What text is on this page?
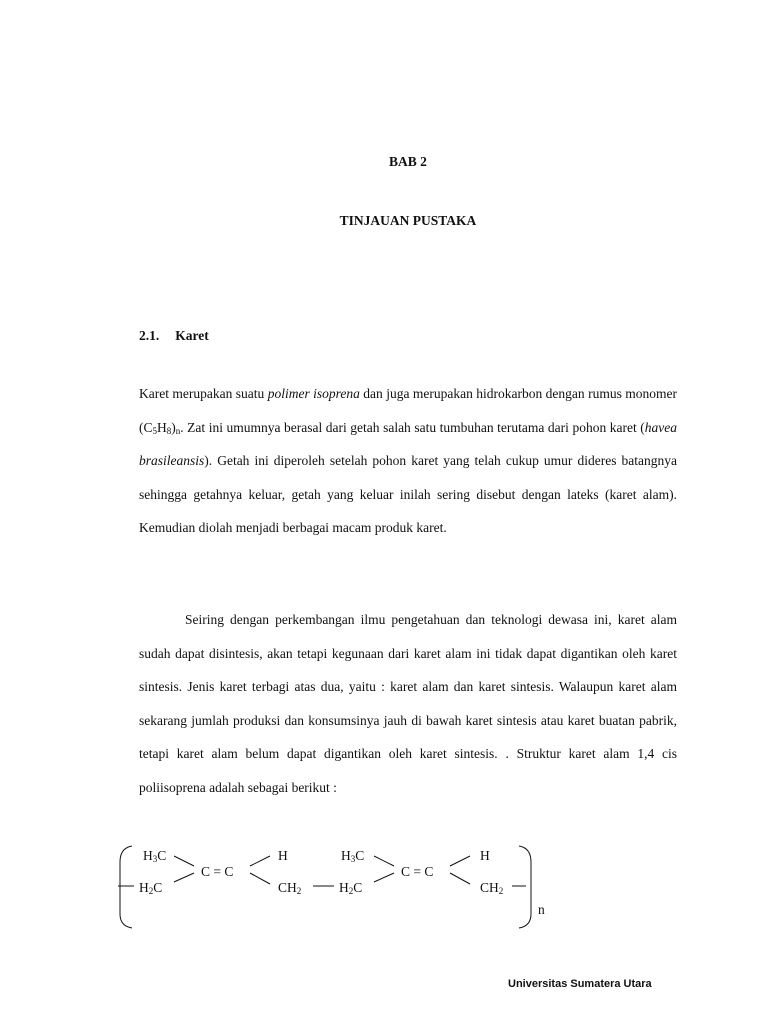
BAB 2
TINJAUAN PUSTAKA
2.1. Karet

Karet merupakan suatu polimer isoprena dan juga merupakan hidrokarbon dengan rumus monomer $(C_5H_8)_n$. Zat ini umumnya berasal dari getah salah satu tumbuhan terutama dari pohon karet (havea brasileansis). Getah ini diperoleh setelah pohon karet yang telah cukup umur dideres batangnya sehingga getahnya keluar, getah yang keluar inilah sering disebut dengan lateks (karet alam). Kemudian diolah menjadi berbagai macam produk karet.

Seiring dengan perkembangan ilmu pengetahuan dan teknologi dewasa ini, karet alam sudah dapat disintesis, akan tetapi kegunaan dari karet alam ini tidak dapat digantikan oleh karet sintesis. Jenis karet terbagi atas dua, yaitu : karet alam dan karet sintesis. Walaupun karet alam sekarang jumlah produksi dan konsumsinya jauh di bawah karet sintesis atau karet buatan pabrik, tetapi karet alam belum dapat digantikan oleh karet sintesis. . Struktur karet alam 1,4 cis poliisoprena adalah sebagai berikut :

$H_3C$
$H_2C$
C = C
H
$CH_2$
$H_3C$
$H_2C$
C = C
H
$CH_2$
n
Universitas Sumatera Utara
